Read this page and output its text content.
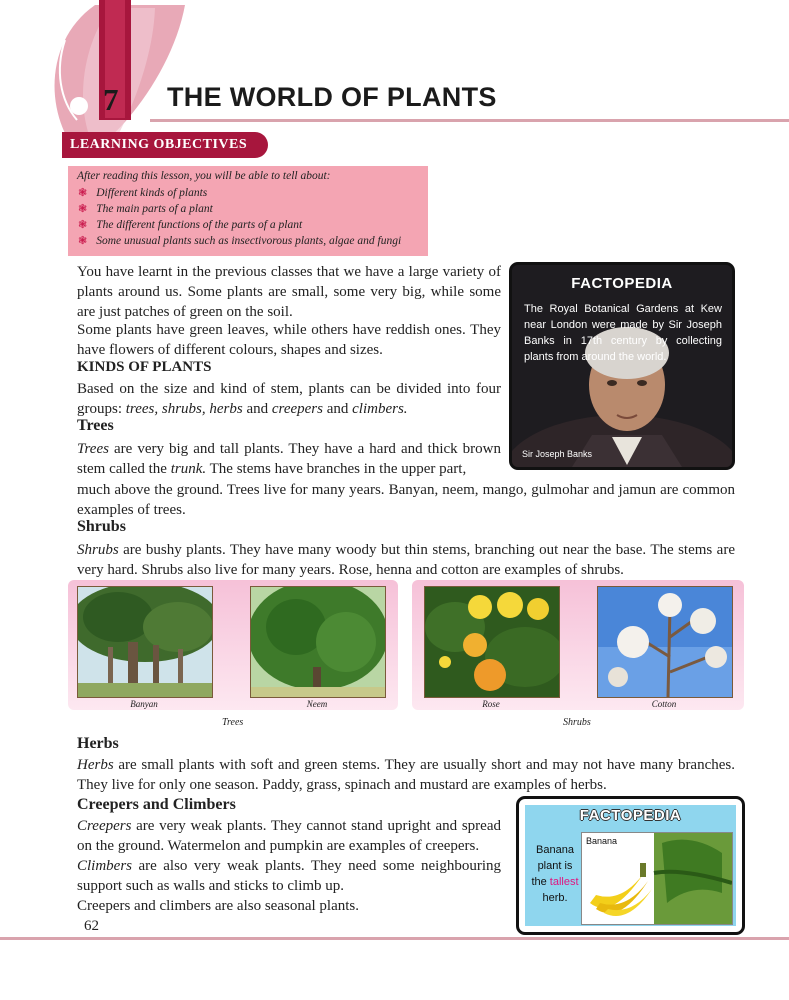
7 THE WORLD OF PLANTS
LEARNING OBJECTIVES
After reading this lesson, you will be able to tell about:
❃ Different kinds of plants
❃ The main parts of a plant
❃ The different functions of the parts of a plant
❃ Some unusual plants such as insectivorous plants, algae and fungi
You have learnt in the previous classes that we have a large variety of plants around us. Some plants are small, some very big, while some are just patches of green on the soil.
Some plants have green leaves, while others have reddish ones. They have flowers of different colours, shapes and sizes.
KINDS OF PLANTS
Based on the size and kind of stem, plants can be divided into four groups: trees, shrubs, herbs and creepers and climbers.
Trees
Trees are very big and tall plants. They have a hard and thick brown stem called the trunk. The stems have branches in the upper part,
much above the ground. Trees live for many years. Banyan, neem, mango, gulmohar and jamun are common examples of trees.
Shrubs
Shrubs are bushy plants. They have many woody but thin stems, branching out near the base. The stems are very hard. Shrubs also live for many years. Rose, henna and cotton are examples of shrubs.
FACTOPEDIA
The Royal Botanical Gardens at Kew near London were made by Sir Joseph Banks in 17th century by collecting plants from around the world.
Sir Joseph Banks
Banyan	Neem	Rose	Cotton
Trees	Shrubs
Herbs
Herbs are small plants with soft and green stems. They are usually short and may not have many branches. They live for only one season. Paddy, grass, spinach and mustard are examples of herbs.
Creepers and Climbers
Creepers are very weak plants. They cannot stand upright and spread on the ground. Watermelon and pumpkin are examples of creepers.
Climbers are also very weak plants. They need some neighbouring support such as walls and sticks to climb up.
Creepers and climbers are also seasonal plants.
FACTOPEDIA
Banana plant is the tallest herb.
Banana
62
